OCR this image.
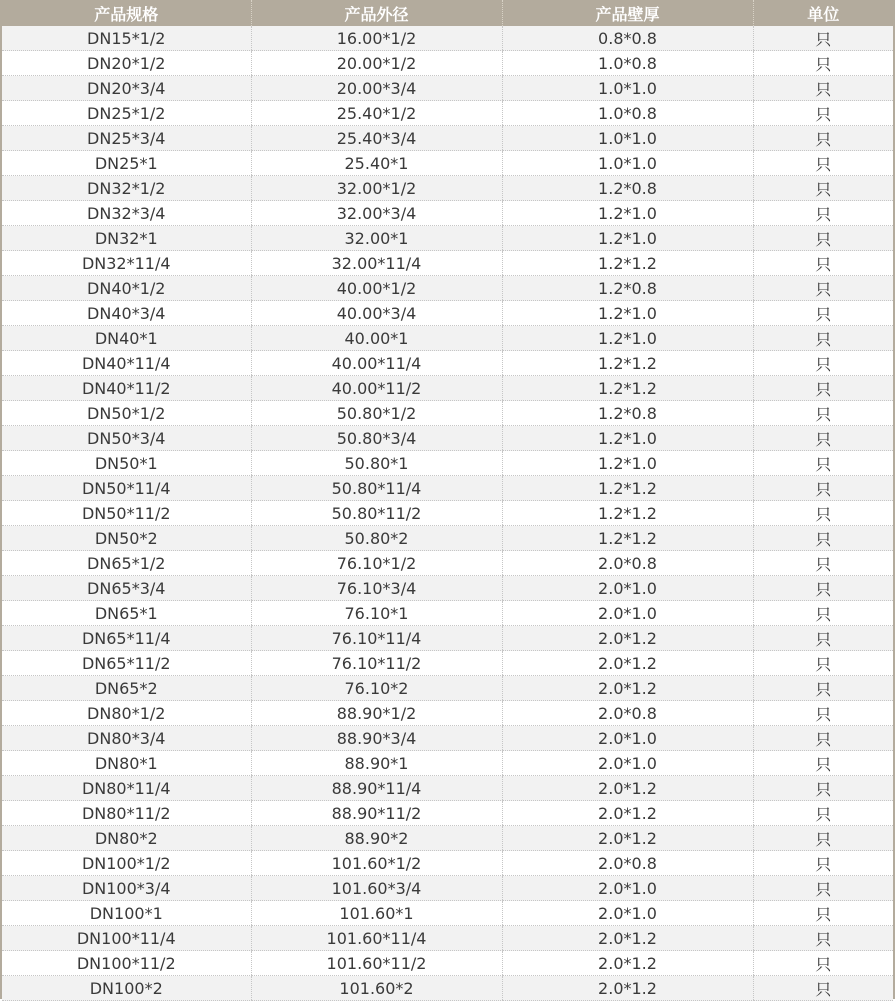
产品规格	产品外径	产品壁厚	单位
DN15*1/2	16.00*1/2	0.8*0.8	只
DN20*1/2	20.00*1/2	1.0*0.8	只
DN20*3/4	20.00*3/4	1.0*1.0	只
DN25*1/2	25.40*1/2	1.0*0.8	只
DN25*3/4	25.40*3/4	1.0*1.0	只
DN25*1	25.40*1	1.0*1.0	只
DN32*1/2	32.00*1/2	1.2*0.8	只
DN32*3/4	32.00*3/4	1.2*1.0	只
DN32*1	32.00*1	1.2*1.0	只
DN32*11/4	32.00*11/4	1.2*1.2	只
DN40*1/2	40.00*1/2	1.2*0.8	只
DN40*3/4	40.00*3/4	1.2*1.0	只
DN40*1	40.00*1	1.2*1.0	只
DN40*11/4	40.00*11/4	1.2*1.2	只
DN40*11/2	40.00*11/2	1.2*1.2	只
DN50*1/2	50.80*1/2	1.2*0.8	只
DN50*3/4	50.80*3/4	1.2*1.0	只
DN50*1	50.80*1	1.2*1.0	只
DN50*11/4	50.80*11/4	1.2*1.2	只
DN50*11/2	50.80*11/2	1.2*1.2	只
DN50*2	50.80*2	1.2*1.2	只
DN65*1/2	76.10*1/2	2.0*0.8	只
DN65*3/4	76.10*3/4	2.0*1.0	只
DN65*1	76.10*1	2.0*1.0	只
DN65*11/4	76.10*11/4	2.0*1.2	只
DN65*11/2	76.10*11/2	2.0*1.2	只
DN65*2	76.10*2	2.0*1.2	只
DN80*1/2	88.90*1/2	2.0*0.8	只
DN80*3/4	88.90*3/4	2.0*1.0	只
DN80*1	88.90*1	2.0*1.0	只
DN80*11/4	88.90*11/4	2.0*1.2	只
DN80*11/2	88.90*11/2	2.0*1.2	只
DN80*2	88.90*2	2.0*1.2	只
DN100*1/2	101.60*1/2	2.0*0.8	只
DN100*3/4	101.60*3/4	2.0*1.0	只
DN100*1	101.60*1	2.0*1.0	只
DN100*11/4	101.60*11/4	2.0*1.2	只
DN100*11/2	101.60*11/2	2.0*1.2	只
DN100*2	101.60*2	2.0*1.2	只
